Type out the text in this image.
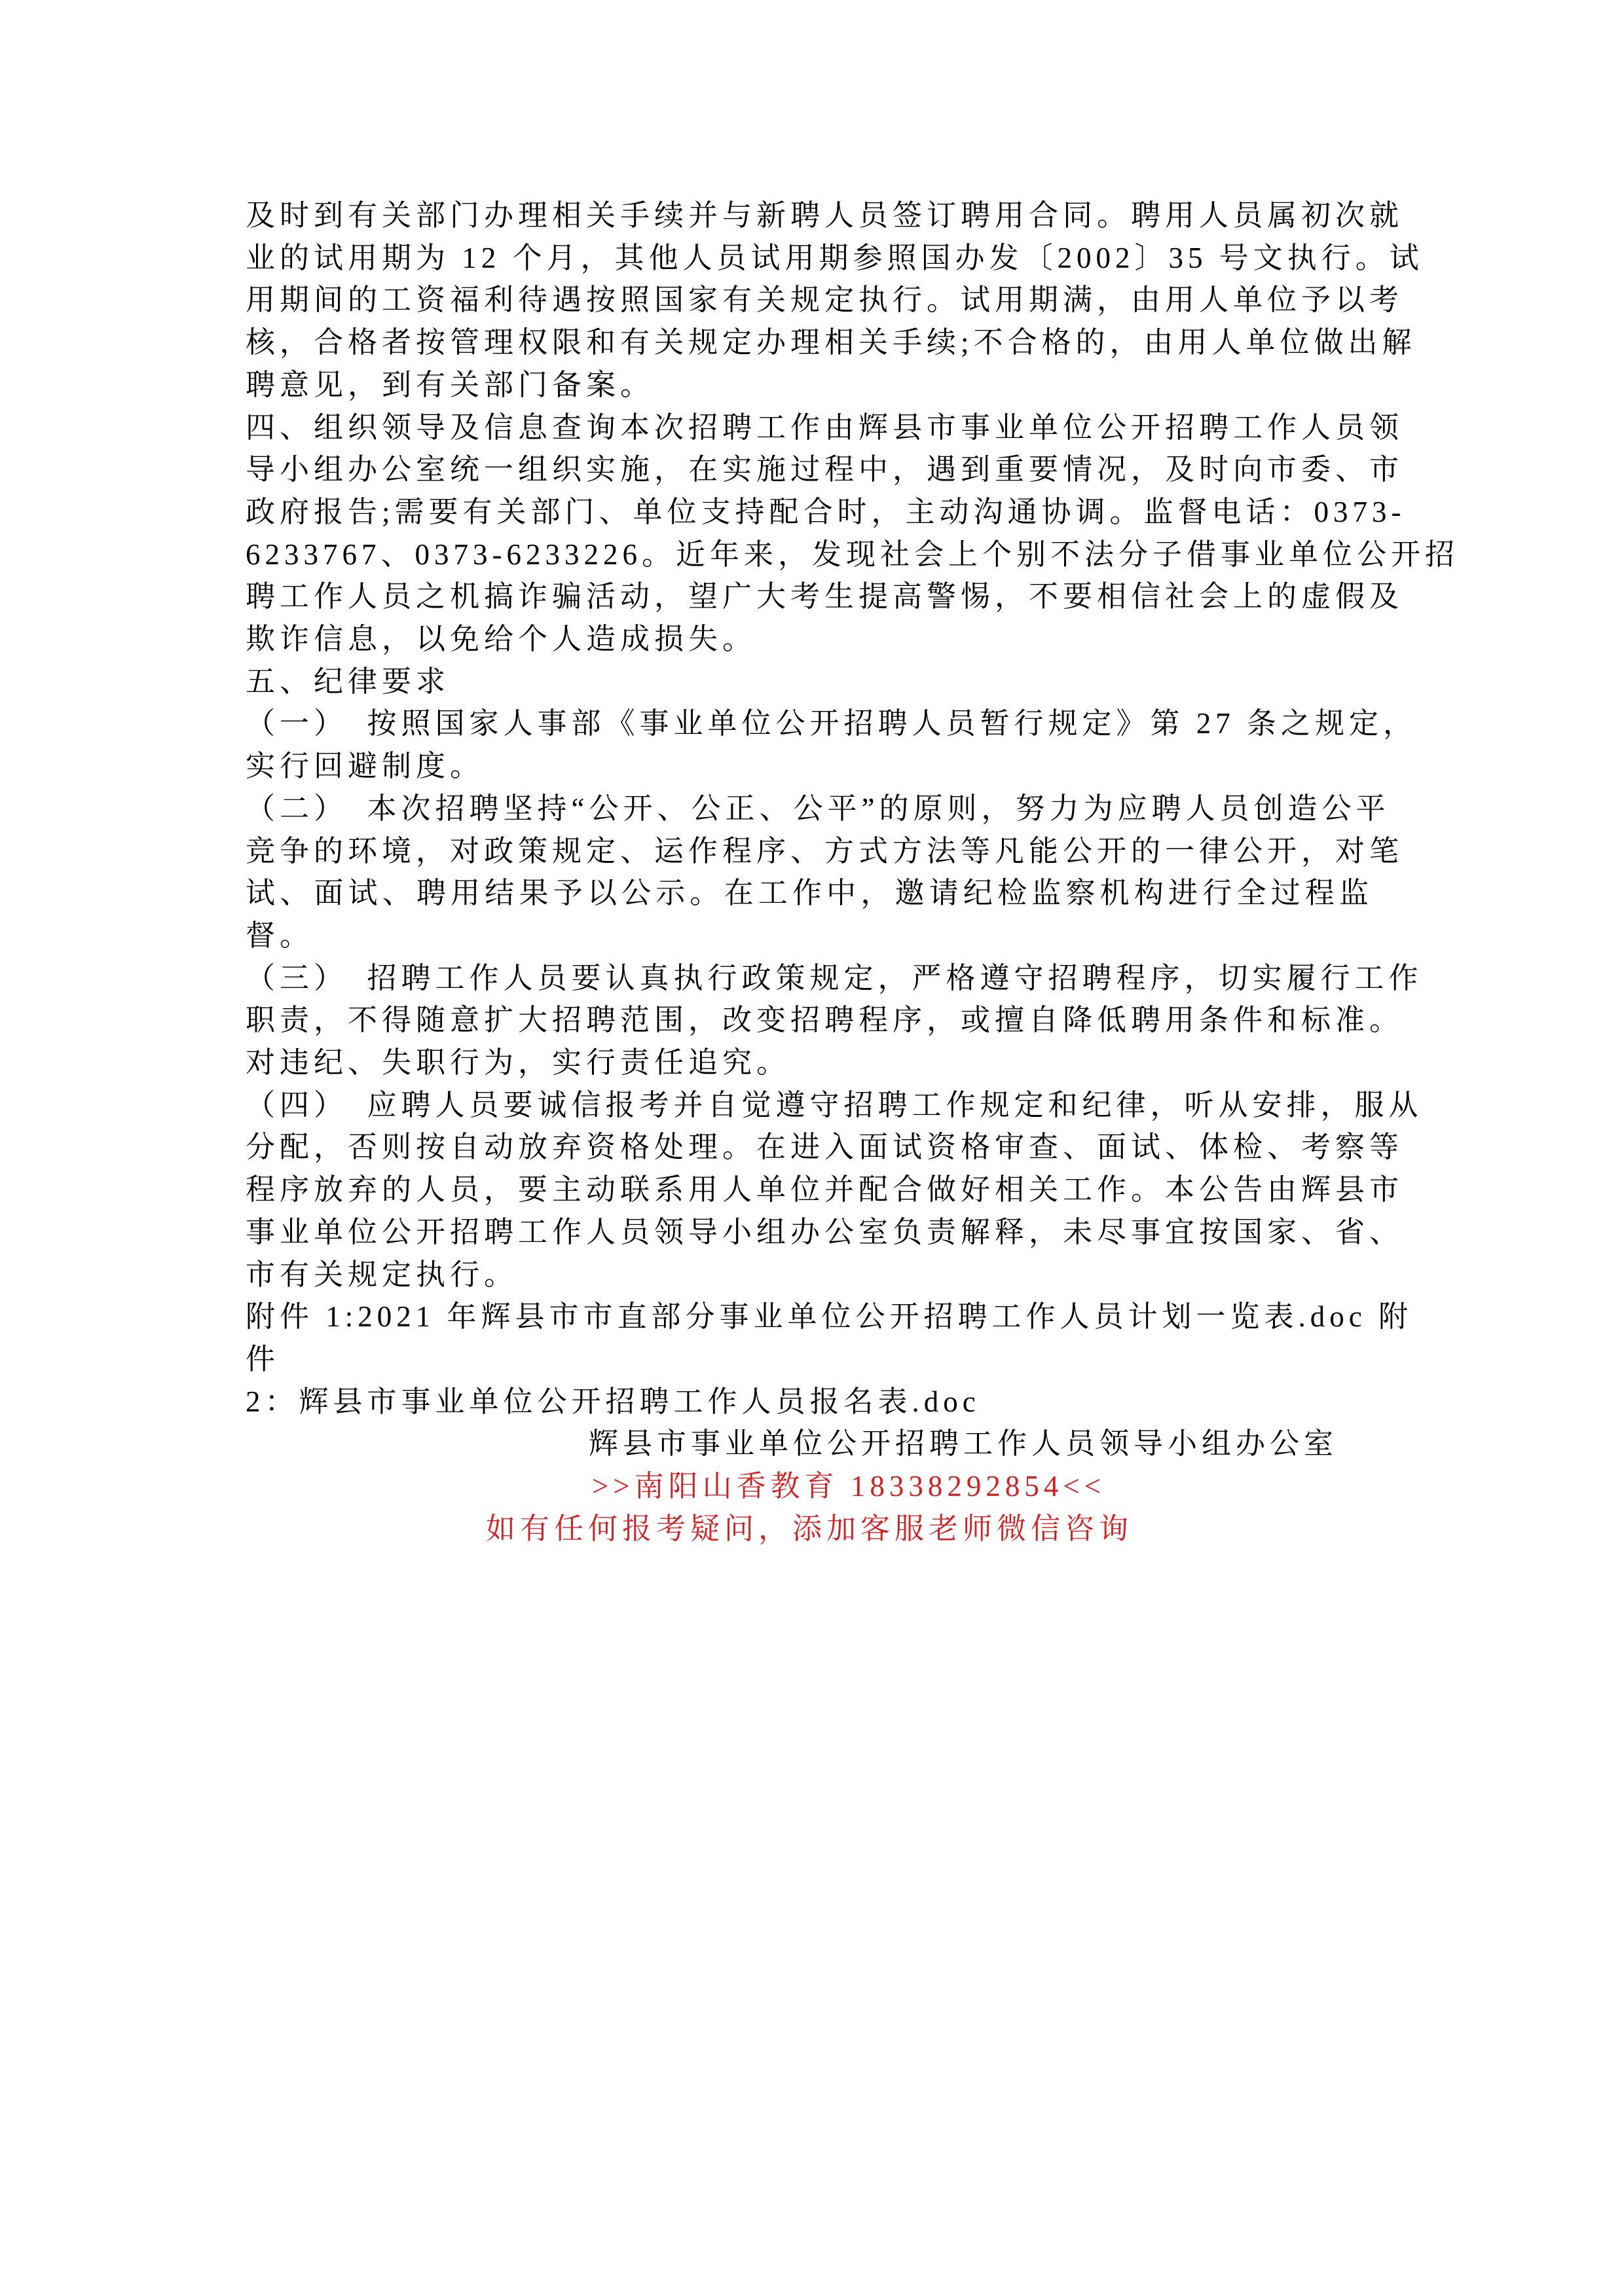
及时到有关部门办理相关手续并与新聘人员签订聘用合同。聘用人员属初次就
业的试用期为 12 个月，其他人员试用期参照国办发〔2002〕35 号文执行。试
用期间的工资福利待遇按照国家有关规定执行。试用期满，由用人单位予以考
核，合格者按管理权限和有关规定办理相关手续;不合格的，由用人单位做出解
聘意见，到有关部门备案。
四、组织领导及信息查询本次招聘工作由辉县市事业单位公开招聘工作人员领
导小组办公室统一组织实施，在实施过程中，遇到重要情况，及时向市委、市
政府报告;需要有关部门、单位支持配合时，主动沟通协调。监督电话：0373-
6233767、0373-6233226。近年来，发现社会上个别不法分子借事业单位公开招
聘工作人员之机搞诈骗活动，望广大考生提高警惕，不要相信社会上的虚假及
欺诈信息，以免给个人造成损失。
五、纪律要求
（一）　按照国家人事部《事业单位公开招聘人员暂行规定》第 27 条之规定，
实行回避制度。
（二）　本次招聘坚持“公开、公正、公平”的原则，努力为应聘人员创造公平
竞争的环境，对政策规定、运作程序、方式方法等凡能公开的一律公开，对笔
试、面试、聘用结果予以公示。在工作中，邀请纪检监察机构进行全过程监
督。
（三）　招聘工作人员要认真执行政策规定，严格遵守招聘程序，切实履行工作
职责，不得随意扩大招聘范围，改变招聘程序，或擅自降低聘用条件和标准。
对违纪、失职行为，实行责任追究。
（四）　应聘人员要诚信报考并自觉遵守招聘工作规定和纪律，听从安排，服从
分配，否则按自动放弃资格处理。在进入面试资格审查、面试、体检、考察等
程序放弃的人员，要主动联系用人单位并配合做好相关工作。本公告由辉县市
事业单位公开招聘工作人员领导小组办公室负责解释，未尽事宜按国家、省、
市有关规定执行。
附件 1:2021 年辉县市市直部分事业单位公开招聘工作人员计划一览表.doc 附
件
2：辉县市事业单位公开招聘工作人员报名表.doc
辉县市事业单位公开招聘工作人员领导小组办公室
>>南阳山香教育 18338292854<<
如有任何报考疑问，添加客服老师微信咨询
